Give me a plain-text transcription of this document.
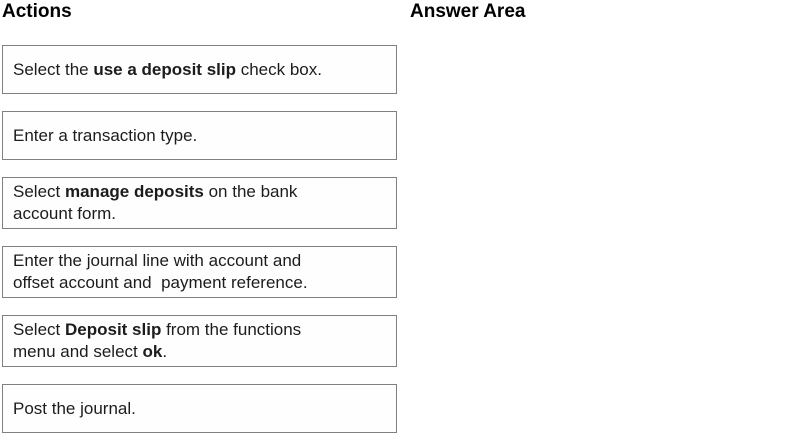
Actions
Select the use a deposit slip check box.
Enter a transaction type.
Select manage deposits on the bank
account form.
Enter the journal line with account and
offset account and  payment reference.
Select Deposit slip from the functions
menu and select ok.
Post the journal.
Answer Area
